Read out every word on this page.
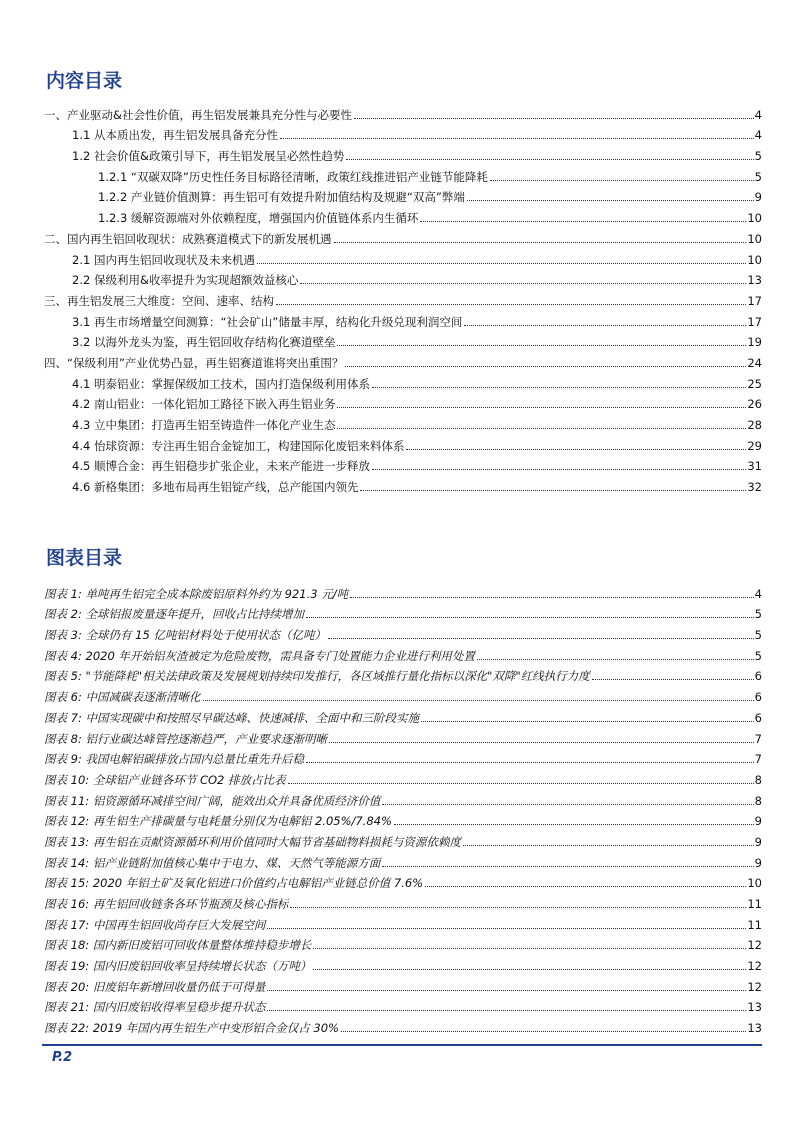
内容目录
一、产业驱动&社会性价值，再生铝发展兼具充分性与必要性	4
1.1 从本质出发，再生铝发展具备充分性	4
1.2 社会价值&政策引导下，再生铝发展呈必然性趋势	5
1.2.1 “双碳双降”历史性任务目标路径清晰，政策红线推进铝产业链节能降耗	5
1.2.2 产业链价值测算：再生铝可有效提升附加值结构及规避“双高”弊端	9
1.2.3 缓解资源端对外依赖程度，增强国内价值链体系内生循环	10
二、国内再生铝回收现状：成熟赛道模式下的新发展机遇	10
2.1 国内再生铝回收现状及未来机遇	10
2.2 保级利用&收率提升为实现超额效益核心	13
三、再生铝发展三大维度：空间、速率、结构	17
3.1 再生市场增量空间测算：“社会矿山”储量丰厚，结构化升级兑现利润空间	17
3.2 以海外龙头为鉴，再生铝回收存结构化赛道壁垒	19
四、“保级利用”产业优势凸显，再生铝赛道谁将突出重围？	24
4.1 明泰铝业：掌握保级加工技术，国内打造保级利用体系	25
4.2 南山铝业：一体化铝加工路径下嵌入再生铝业务	26
4.3 立中集团：打造再生铝至铸造件一体化产业生态	28
4.4 怡球资源：专注再生铝合金锭加工，构建国际化废铝来料体系	29
4.5 顺博合金：再生铝稳步扩张企业，未来产能进一步释放	31
4.6 新格集团：多地布局再生铝锭产线，总产能国内领先	32
图表目录
图表 1: 单吨再生铝完全成本除废铝原料外约为 921.3 元/吨	4
图表 2: 全球铝报废量逐年提升，回收占比持续增加	5
图表 3: 全球仍有 15 亿吨铝材料处于使用状态（亿吨）	5
图表 4: 2020 年开始铝灰渣被定为危险废物，需具备专门处置能力企业进行利用处置	5
图表 5: "节能降耗"相关法律政策及发展规划持续印发推行，各区域推行量化指标以深化"双降"红线执行力度	6
图表 6: 中国减碳表逐渐清晰化	6
图表 7: 中国实现碳中和按照尽早碳达峰、快速减排、全面中和三阶段实施	6
图表 8: 铝行业碳达峰管控逐渐趋严，产业要求逐渐明晰	7
图表 9: 我国电解铝碳排放占国内总量比重先升后稳	7
图表 10: 全球铝产业链各环节 CO2 排放占比表	8
图表 11: 铝资源循环减排空间广阔，能效出众并具备优质经济价值	8
图表 12: 再生铝生产排碳量与电耗量分别仅为电解铝 2.05%/7.84%	9
图表 13: 再生铝在贡献资源循环利用价值同时大幅节省基础物料损耗与资源依赖度	9
图表 14: 铝产业链附加值核心集中于电力、煤、天然气等能源方面	9
图表 15: 2020 年铝土矿及氧化铝进口价值约占电解铝产业链总价值 7.6%	10
图表 16: 再生铝回收链条各环节瓶颈及核心指标	11
图表 17: 中国再生铝回收尚存巨大发展空间	11
图表 18: 国内新旧废铝可回收体量整体维持稳步增长	12
图表 19: 国内旧废铝回收率呈持续增长状态（万吨）	12
图表 20: 旧废铝年新增回收量仍低于可得量	12
图表 21: 国内旧废铝收得率呈稳步提升状态	13
图表 22: 2019 年国内再生铝生产中变形铝合金仅占 30%	13
P.2
